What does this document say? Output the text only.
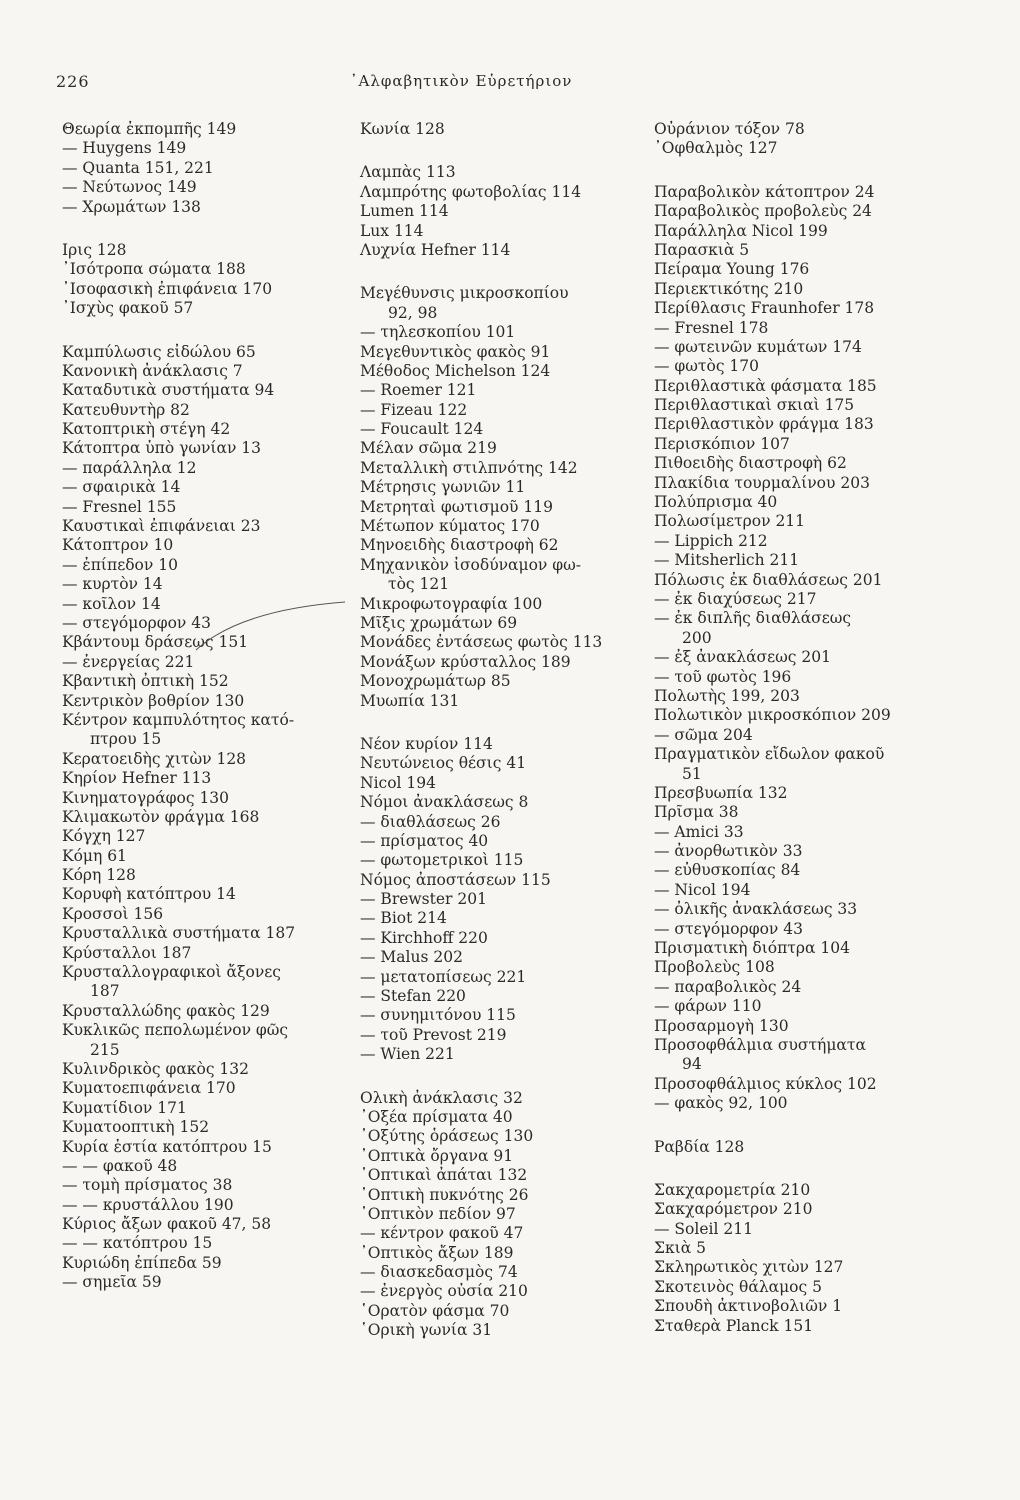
226	᾿Αλφαβητικὸν Εὑρετήριον
Θεωρία ἐκπομπῆς 149
— Huygens 149
— Quanta 151, 221
— Νεύτωνος 149
— Χρωμάτων 138
Ιρις 128
᾿Ισότροπα σώματα 188
᾿Ισοφασικὴ ἐπιφάνεια 170
᾿Ισχὺς φακοῦ 57
Καμπύλωσις εἰδώλου 65
Κανονικὴ ἀνάκλασις 7
Καταδυτικὰ συστήματα 94
Κατευθυντὴρ 82
Κατοπτρικὴ στέγη 42
Κάτοπτρα ὑπὸ γωνίαν 13
— παράλληλα 12
— σφαιρικὰ 14
— Fresnel 155
Καυστικαὶ ἐπιφάνειαι 23
Κάτοπτρον 10
— ἐπίπεδον 10
— κυρτὸν 14
— κοῖλον 14
— στεγόμορφον 43
Κβάντουμ δράσεως 151
— ἐνεργείας 221
Κβαντικὴ ὀπτικὴ 152
Κεντρικὸν βοθρίον 130
Κέντρον καμπυλότητος κατό-
πτρου 15
Κερατοειδὴς χιτὼν 128
Κηρίον Hefner 113
Κινηματογράφος 130
Κλιμακωτὸν φράγμα 168
Κόγχη 127
Κόμη 61
Κόρη 128
Κορυφὴ κατόπτρου 14
Κροσσοὶ 156
Κρυσταλλικὰ συστήματα 187
Κρύσταλλοι 187
Κρυσταλλογραφικοὶ ἄξονες
187
Κρυσταλλώδης φακὸς 129
Κυκλικῶς πεπολωμένον φῶς
215
Κυλινδρικὸς φακὸς 132
Κυματοεπιφάνεια 170
Κυματίδιον 171
Κυματοοπτικὴ 152
Κυρία ἑστία κατόπτρου 15
— — φακοῦ 48
— τομὴ πρίσματος 38
— — κρυστάλλου 190
Κύριος ἄξων φακοῦ 47, 58
— — κατόπτρου 15
Κυριώδη ἐπίπεδα 59
— σημεῖα 59
Κωνία 128
Λαμπὰς 113
Λαμπρότης φωτοβολίας 114
Lumen 114
Lux 114
Λυχνία Hefner 114
Μεγέθυνσις μικροσκοπίου
92, 98
— τηλεσκοπίου 101
Μεγεθυντικὸς φακὸς 91
Μέθοδος Michelson 124
— Roemer 121
— Fizeau 122
— Foucault 124
Μέλαν σῶμα 219
Μεταλλικὴ στιλπνότης 142
Μέτρησις γωνιῶν 11
Μετρηταὶ φωτισμοῦ 119
Μέτωπον κύματος 170
Μηνοειδὴς διαστροφὴ 62
Μηχανικὸν ἰσοδύναμον φω-
τὸς 121
Μικροφωτογραφία 100
Μῖξις χρωμάτων 69
Μονάδες ἐντάσεως φωτὸς 113
Μονάξων κρύσταλλος 189
Μονοχρωμάτωρ 85
Μυωπία 131
Νέον κυρίον 114
Νευτώνειος θέσις 41
Nicol 194
Νόμοι ἀνακλάσεως 8
— διαθλάσεως 26
— πρίσματος 40
— φωτομετρικοὶ 115
Νόμος ἀποστάσεων 115
— Brewster 201
— Biot 214
— Kirchhoff 220
— Malus 202
— μετατοπίσεως 221
— Stefan 220
— συνημιτόνου 115
— τοῦ Prevost 219
— Wien 221
Ολικὴ ἀνάκλασις 32
᾿Οξέα πρίσματα 40
᾿Οξύτης ὁράσεως 130
᾿Οπτικὰ ὄργανα 91
᾿Οπτικαὶ ἀπάται 132
᾿Οπτικὴ πυκνότης 26
᾿Οπτικὸν πεδίον 97
— κέντρον φακοῦ 47
᾿Οπτικὸς ἄξων 189
— διασκεδασμὸς 74
— ἐνεργὸς οὐσία 210
῾Ορατὸν φάσμα 70
῾Ορικὴ γωνία 31
Οὐράνιον τόξον 78
᾿Οφθαλμὸς 127
Παραβολικὸν κάτοπτρον 24
Παραβολικὸς προβολεὺς 24
Παράλληλα Nicol 199
Παρασκιὰ 5
Πείραμα Young 176
Περιεκτικότης 210
Περίθλασις Fraunhofer 178
— Fresnel 178
— φωτεινῶν κυμάτων 174
— φωτὸς 170
Περιθλαστικὰ φάσματα 185
Περιθλαστικαὶ σκιαὶ 175
Περιθλαστικὸν φράγμα 183
Περισκόπιον 107
Πιθοειδὴς διαστροφὴ 62
Πλακίδια τουρμαλίνου 203
Πολύπρισμα 40
Πολωσίμετρον 211
— Lippich 212
— Mitsherlich 211
Πόλωσις ἐκ διαθλάσεως 201
— ἐκ διαχύσεως 217
— ἐκ διπλῆς διαθλάσεως
200
— ἐξ ἀνακλάσεως 201
— τοῦ φωτὸς 196
Πολωτὴς 199, 203
Πολωτικὸν μικροσκόπιον 209
— σῶμα 204
Πραγματικὸν εἴδωλον φακοῦ
51
Πρεσβυωπία 132
Πρῖσμα 38
— Amici 33
— ἀνορθωτικὸν 33
— εὐθυσκοπίας 84
— Nicol 194
— ὀλικῆς ἀνακλάσεως 33
— στεγόμορφον 43
Πρισματικὴ διόπτρα 104
Προβολεὺς 108
— παραβολικὸς 24
— φάρων 110
Προσαρμογὴ 130
Προσοφθάλμια συστήματα
94
Προσοφθάλμιος κύκλος 102
— φακὸς 92, 100
Ραβδία 128
Σακχαρομετρία 210
Σακχαρόμετρον 210
— Soleil 211
Σκιὰ 5
Σκληρωτικὸς χιτὼν 127
Σκοτεινὸς θάλαμος 5
Σπουδὴ ἀκτινοβολιῶν 1
Σταθερὰ Planck 151
